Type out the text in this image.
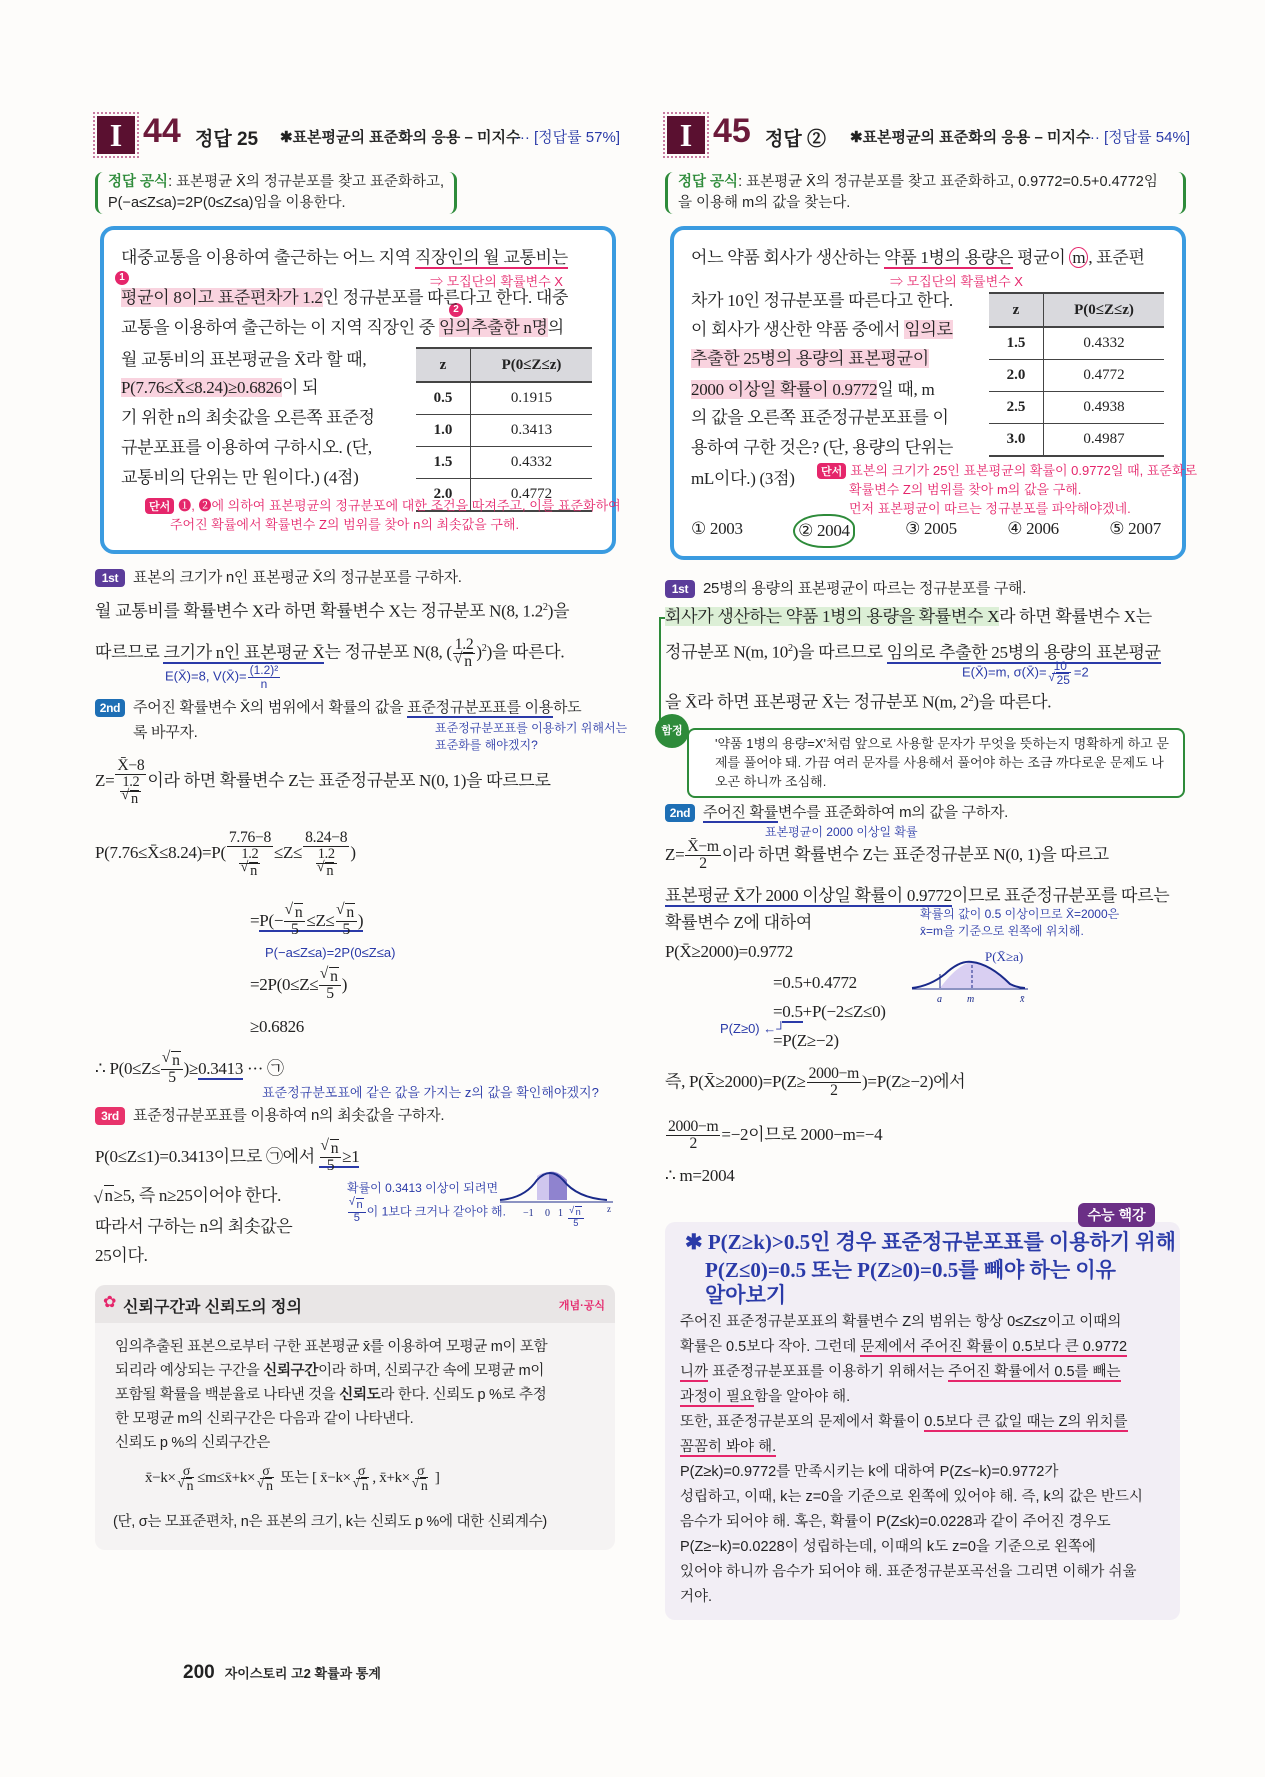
I 44 정답 25 ✱표본평균의 표준화의 응용 – 미지수
··· [정답률 57%]
정답 공식: 표본평균 X̄의 정규분포를 찾고 표준화하고,
P(−a≤Z≤a)=2P(0≤Z≤a)임을 이용한다.
1
2
⇒ 모집단의 확률변수 X
대중교통을 이용하여 출근하는 어느 지역 직장인의 월 교통비는
평균이 8이고 표준편차가 1.2인 정규분포를 따른다고 한다. 대중
교통을 이용하여 출근하는 이 지역 직장인 중 임의추출한 n명의
월 교통비의 표본평균을 X̄라 할 때,
P(7.76≤X̄≤8.24)≥0.6826이 되
기 위한 n의 최솟값을 오른쪽 표준정
규분포표를 이용하여 구하시오. (단,
교통비의 단위는 만 원이다.) (4점)
z	P(0≤Z≤z)
0.5	0.1915
1.0	0.3413
1.5	0.4332
2.0	0.4772
단서 ❶, ❷에 의하여 표본평균의 정규분포에 대한 조건을 따져주고, 이를 표준화하여
주어진 확률에서 확률변수 Z의 범위를 찾아 n의 최솟값을 구해.
1st 표본의 크기가 n인 표본평균 X̄의 정규분포를 구하자.
월 교통비를 확률변수 X라 하면 확률변수 X는 정규분포 N(8, $1.2^2$)을
따르므로 크기가 n인 표본평균 X̄는 정규분포 N(8, ( 1.2
√ n )$^2$)을 따른다.
E(X̄)=8, V(X̄)= $\frac{\text{(1.2)²}}{n}$
2nd 주어진 확률변수 X̄의 범위에서 확률의 값을 표준정규분포표를 이용하도
록 바꾸자.	표준정규분포표를 이용하기 위해서는
표준화를 해야겠지?
Z= X̄−8
1.2
√ n 이라 하면 확률변수 Z는 표준정규분포 N(0, 1)을 따르므로
P(7.76≤X̄≤8.24)=P( 7.76−8
1.2
√ n ≤Z≤ 8.24−8
1.2
√ n )
=P(− √ $\frac{n}{5} \le Z\le$ √ $\frac{n}{5}$ )
P(−a≤Z≤a)=2P(0≤Z≤a)
=2P(0≤Z≤ √ $\frac{n}{5}$ )
≥0.6826
∴ P(0≤Z≤ √ $\frac{n}{5} )\ge 0.3413$ ··· ㉠
표준정규분포표에 같은 값을 가지는 z의 값을 확인해야겠지?
3rd 표준정규분포표를 이용하여 n의 최솟값을 구하자.
P(0≤Z≤1)=0.3413이므로 ㉠에서 √ $\frac{n}{5} \ge 1$
√ n≥5, 즉 n≥25이어야 한다.
따라서 구하는 n의 최솟값은
25이다.
확률이 0.3413 이상이 되려면
√ $\frac{n}{5}$ 이 1보다 크거나 같아야 해. −1 0 1	z
√ $\frac{n}{5}$
✿ 신뢰구간과 신뢰도의 정의	개념·공식
임의추출된 표본으로부터 구한 표본평균 x̄를 이용하여 모평균 m이 포함
되리라 예상되는 구간을 신뢰구간이라 하며, 신뢰구간 속에 모평균 m이
포함될 확률을 백분율로 나타낸 것을 신뢰도라 한다. 신뢰도 p %로 추정
한 모평균 m의 신뢰구간은 다음과 같이 나타낸다.
신뢰도 p %의 신뢰구간은
x̄−k× σ
√ n ≤m≤x̄+k× σ
√ n 또는 [ x̄−k× σ
√ n , x̄+k× σ
√ n ]
(단, σ는 모표준편차, n은 표본의 크기, k는 신뢰도 p %에 대한 신뢰계수)
200 자이스토리 고2 확률과 통계
I 45 정답 ② ✱표본평균의 표준화의 응용 – 미지수
··· [정답률 54%]
정답 공식: 표본평균 X̄의 정규분포를 찾고 표준화하고, 0.9772=0.5+0.4772임
을 이용해 m의 값을 찾는다.
⇒ 모집단의 확률변수 X
어느 약품 회사가 생산하는 약품 1병의 용량은 평균이 m , 표준편
차가 10인 정규분포를 따른다고 한다.
이 회사가 생산한 약품 중에서 임의로
추출한 25병의 용량의 표본평균이
2000 이상일 확률이 0.9772일 때, m
의 값을 오른쪽 표준정규분포표를 이
용하여 구한 것은? (단, 용량의 단위는
mL이다.) (3점)
z	P(0≤Z≤z)
1.5	0.4332
2.0	0.4772
2.5	0.4938
3.0	0.4987
단서 표본의 크기가 25인 표본평균의 확률이 0.9772일 때, 표준화로
확률변수 Z의 범위를 찾아 m의 값을 구해.
먼저 표본평균이 따르는 정규분포를 파악해야겠네.
① 2003	② 2004	③ 2005	④ 2006	⑤ 2007
1st 25병의 용량의 표본평균이 따르는 정규분포를 구해.
회사가 생산하는 약품 1병의 용량을 확률변수 X라 하면 확률변수 X는
정규분포 N(m, $10^2$)을 따르므로 임의로 추출한 25병의 용량의 표본평균
E(X̄)=m, σ(X̄)= 10
√ 25 =2
을 X̄라 하면 표본평균 X̄는 정규분포 N(m, $2^2$)을 따른다.
'약품 1병의 용량=X'처럼 앞으로 사용할 문자가 무엇을 뜻하는지 명확하게 하고 문제를 풀어야 돼. 가끔 여러 문자를 사용해서 풀어야 하는 조금 까다로운 문제도 나오곤 하니까 조심해.
함정
2nd 주어진 확률변수를 표준화하여 m의 값을 구하자.
표본평균이 2000 이상일 확률
$Z= \frac{X̄-m}{2}$ 이라 하면 확률변수 Z는 표준정규분포 N(0, 1)을 따르고
표본평균 X̄가 2000 이상일 확률이 0.9772이므로 표준정규분포를 따르는
확률변수 Z에 대하여	확률의 값이 0.5 이상이므로 X̄=2000은
x̄=m을 기준으로 왼쪽에 위치해.
P(X̄≥2000)=0.9772
=0.5+0.4772
=0.5+P(−2≤Z≤0)
P(Z≥0) ←┘
=P(Z≥−2)
a	m	x̄
P(X̄≥a)
즉, P(X̄≥2000)=P(Z≥ $\frac{2000-m}{2} )=P(Z\ge-2)$에서
$\frac{2000-m}{2} =-2$이므로 2000−m=−4
∴ m=2004
수능 핵강
✱ P(Z≥k)>0.5인 경우 표준정규분포표를 이용하기 위해
P(Z≤0)=0.5 또는 P(Z≥0)=0.5를 빼야 하는 이유
알아보기
주어진 표준정규분포표의 확률변수 Z의 범위는 항상 0≤Z≤z이고 이때의
확률은 0.5보다 작아. 그런데 문제에서 주어진 확률이 0.5보다 큰 0.9772
니까 표준정규분포표를 이용하기 위해서는 주어진 확률에서 0.5를 빼는
과정이 필요함을 알아야 해.
또한, 표준정규분포의 문제에서 확률이 0.5보다 큰 값일 때는 Z의 위치를
꼼꼼히 봐야 해.
P(Z≥k)=0.9772를 만족시키는 k에 대하여 P(Z≤−k)=0.9772가
성립하고, 이때, k는 z=0을 기준으로 왼쪽에 있어야 해. 즉, k의 값은 반드시
음수가 되어야 해. 혹은, 확률이 P(Z≤k)=0.0228과 같이 주어진 경우도
P(Z≥−k)=0.0228이 성립하는데, 이때의 k도 z=0을 기준으로 왼쪽에
있어야 하니까 음수가 되어야 해. 표준정규분포곡선을 그리면 이해가 쉬울
거야.
